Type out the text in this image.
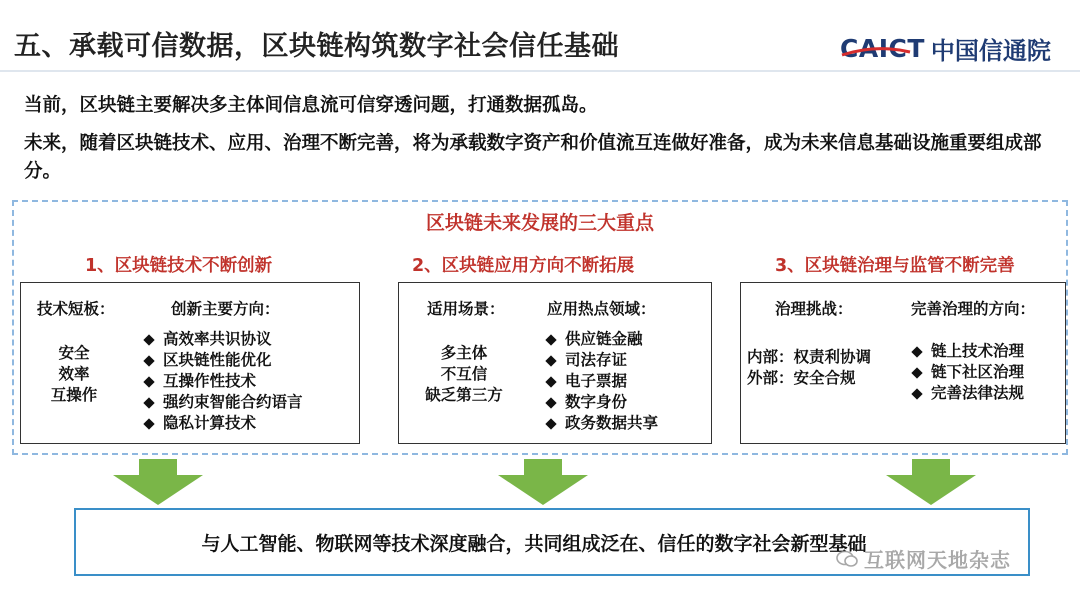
五、承载可信数据，区块链构筑数字社会信任基础	CAICT 中国信通院
当前，区块链主要解决多主体间信息流可信穿透问题，打通数据孤岛。
未来，随着区块链技术、应用、治理不断完善，将为承载数字资产和价值流互连做好准备，成为未来信息基础设施重要组成部分。
区块链未来发展的三大重点
1、区块链技术不断创新	2、区块链应用方向不断拓展	3、区块链治理与监管不断完善
技术短板：
安全
效率
互操作
创新主要方向：
高效率共识协议
区块链性能优化
互操作性技术
强约束智能合约语言
隐私计算技术
适用场景：
多主体
不互信
缺乏第三方
应用热点领域：
供应链金融
司法存证
电子票据
数字身份
政务数据共享
治理挑战：
内部：权责利协调
外部：安全合规
完善治理的方向：
链上技术治理
链下社区治理
完善法律法规
与人工智能、物联网等技术深度融合，共同组成泛在、信任的数字社会新型基础
互联网天地杂志
